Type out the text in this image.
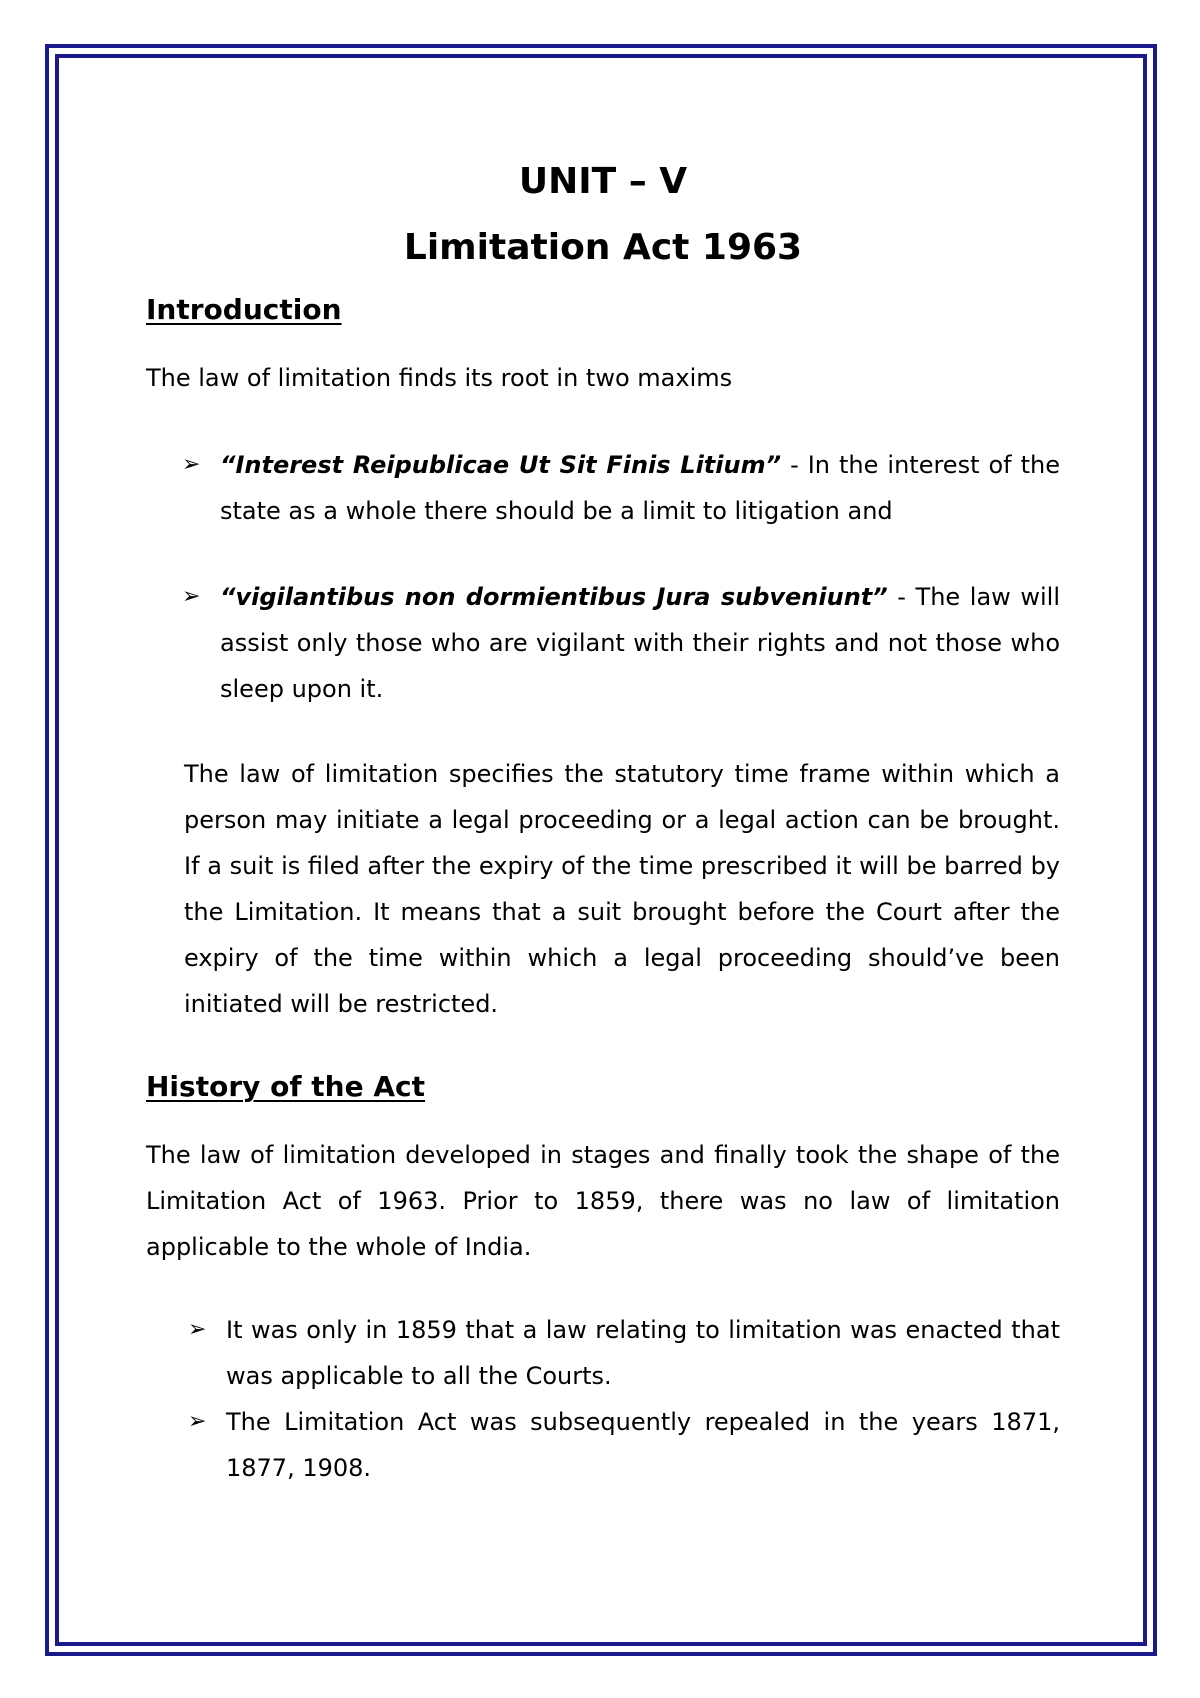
UNIT – V
Limitation Act 1963
Introduction

The law of limitation finds its root in two maxims

➢ “Interest Reipublicae Ut Sit Finis Litium” - In the interest of the state as a whole there should be a limit to litigation and

➢ “vigilantibus non dormientibus Jura subveniunt” - The law will assist only those who are vigilant with their rights and not those who sleep upon it.

The law of limitation specifies the statutory time frame within which a person may initiate a legal proceeding or a legal action can be brought. If a suit is filed after the expiry of the time prescribed it will be barred by the Limitation. It means that a suit brought before the Court after the expiry of the time within which a legal proceeding should’ve been initiated will be restricted.

History of the Act

The law of limitation developed in stages and finally took the shape of the Limitation Act of 1963. Prior to 1859, there was no law of limitation applicable to the whole of India.

➢ It was only in 1859 that a law relating to limitation was enacted that was applicable to all the Courts.

➢ The Limitation Act was subsequently repealed in the years 1871, 1877, 1908.
